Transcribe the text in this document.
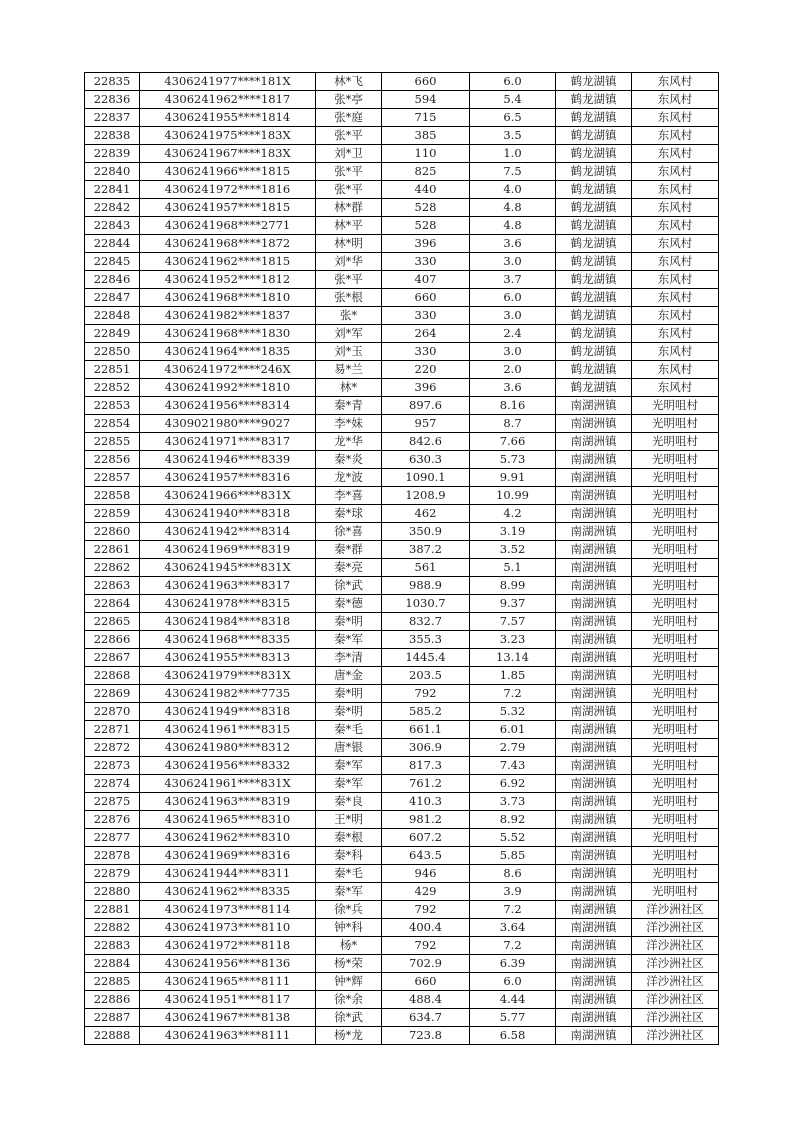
22835	4306241977****181X	林*飞	660	6.0	鹤龙湖镇	东风村
22836	4306241962****1817	张*亭	594	5.4	鹤龙湖镇	东风村
22837	4306241955****1814	张*庭	715	6.5	鹤龙湖镇	东风村
22838	4306241975****183X	张*平	385	3.5	鹤龙湖镇	东风村
22839	4306241967****183X	刘*卫	110	1.0	鹤龙湖镇	东风村
22840	4306241966****1815	张*平	825	7.5	鹤龙湖镇	东风村
22841	4306241972****1816	张*平	440	4.0	鹤龙湖镇	东风村
22842	4306241957****1815	林*群	528	4.8	鹤龙湖镇	东风村
22843	4306241968****2771	林*平	528	4.8	鹤龙湖镇	东风村
22844	4306241968****1872	林*明	396	3.6	鹤龙湖镇	东风村
22845	4306241962****1815	刘*华	330	3.0	鹤龙湖镇	东风村
22846	4306241952****1812	张*平	407	3.7	鹤龙湖镇	东风村
22847	4306241968****1810	张*根	660	6.0	鹤龙湖镇	东风村
22848	4306241982****1837	张*	330	3.0	鹤龙湖镇	东风村
22849	4306241968****1830	刘*军	264	2.4	鹤龙湖镇	东风村
22850	4306241964****1835	刘*玉	330	3.0	鹤龙湖镇	东风村
22851	4306241972****246X	易*兰	220	2.0	鹤龙湖镇	东风村
22852	4306241992****1810	林*	396	3.6	鹤龙湖镇	东风村
22853	4306241956****8314	秦*青	897.6	8.16	南湖洲镇	光明咀村
22854	4309021980****9027	李*妹	957	8.7	南湖洲镇	光明咀村
22855	4306241971****8317	龙*华	842.6	7.66	南湖洲镇	光明咀村
22856	4306241946****8339	秦*炎	630.3	5.73	南湖洲镇	光明咀村
22857	4306241957****8316	龙*波	1090.1	9.91	南湖洲镇	光明咀村
22858	4306241966****831X	李*喜	1208.9	10.99	南湖洲镇	光明咀村
22859	4306241940****8318	秦*球	462	4.2	南湖洲镇	光明咀村
22860	4306241942****8314	徐*喜	350.9	3.19	南湖洲镇	光明咀村
22861	4306241969****8319	秦*群	387.2	3.52	南湖洲镇	光明咀村
22862	4306241945****831X	秦*亮	561	5.1	南湖洲镇	光明咀村
22863	4306241963****8317	徐*武	988.9	8.99	南湖洲镇	光明咀村
22864	4306241978****8315	秦*德	1030.7	9.37	南湖洲镇	光明咀村
22865	4306241984****8318	秦*明	832.7	7.57	南湖洲镇	光明咀村
22866	4306241968****8335	秦*军	355.3	3.23	南湖洲镇	光明咀村
22867	4306241955****8313	李*清	1445.4	13.14	南湖洲镇	光明咀村
22868	4306241979****831X	唐*金	203.5	1.85	南湖洲镇	光明咀村
22869	4306241982****7735	秦*明	792	7.2	南湖洲镇	光明咀村
22870	4306241949****8318	秦*明	585.2	5.32	南湖洲镇	光明咀村
22871	4306241961****8315	秦*毛	661.1	6.01	南湖洲镇	光明咀村
22872	4306241980****8312	唐*银	306.9	2.79	南湖洲镇	光明咀村
22873	4306241956****8332	秦*军	817.3	7.43	南湖洲镇	光明咀村
22874	4306241961****831X	秦*军	761.2	6.92	南湖洲镇	光明咀村
22875	4306241963****8319	秦*良	410.3	3.73	南湖洲镇	光明咀村
22876	4306241965****8310	王*明	981.2	8.92	南湖洲镇	光明咀村
22877	4306241962****8310	秦*根	607.2	5.52	南湖洲镇	光明咀村
22878	4306241969****8316	秦*科	643.5	5.85	南湖洲镇	光明咀村
22879	4306241944****8311	秦*毛	946	8.6	南湖洲镇	光明咀村
22880	4306241962****8335	秦*军	429	3.9	南湖洲镇	光明咀村
22881	4306241973****8114	徐*兵	792	7.2	南湖洲镇	洋沙洲社区
22882	4306241973****8110	钟*科	400.4	3.64	南湖洲镇	洋沙洲社区
22883	4306241972****8118	杨*	792	7.2	南湖洲镇	洋沙洲社区
22884	4306241956****8136	杨*荣	702.9	6.39	南湖洲镇	洋沙洲社区
22885	4306241965****8111	钟*辉	660	6.0	南湖洲镇	洋沙洲社区
22886	4306241951****8117	徐*余	488.4	4.44	南湖洲镇	洋沙洲社区
22887	4306241967****8138	徐*武	634.7	5.77	南湖洲镇	洋沙洲社区
22888	4306241963****8111	杨*龙	723.8	6.58	南湖洲镇	洋沙洲社区
